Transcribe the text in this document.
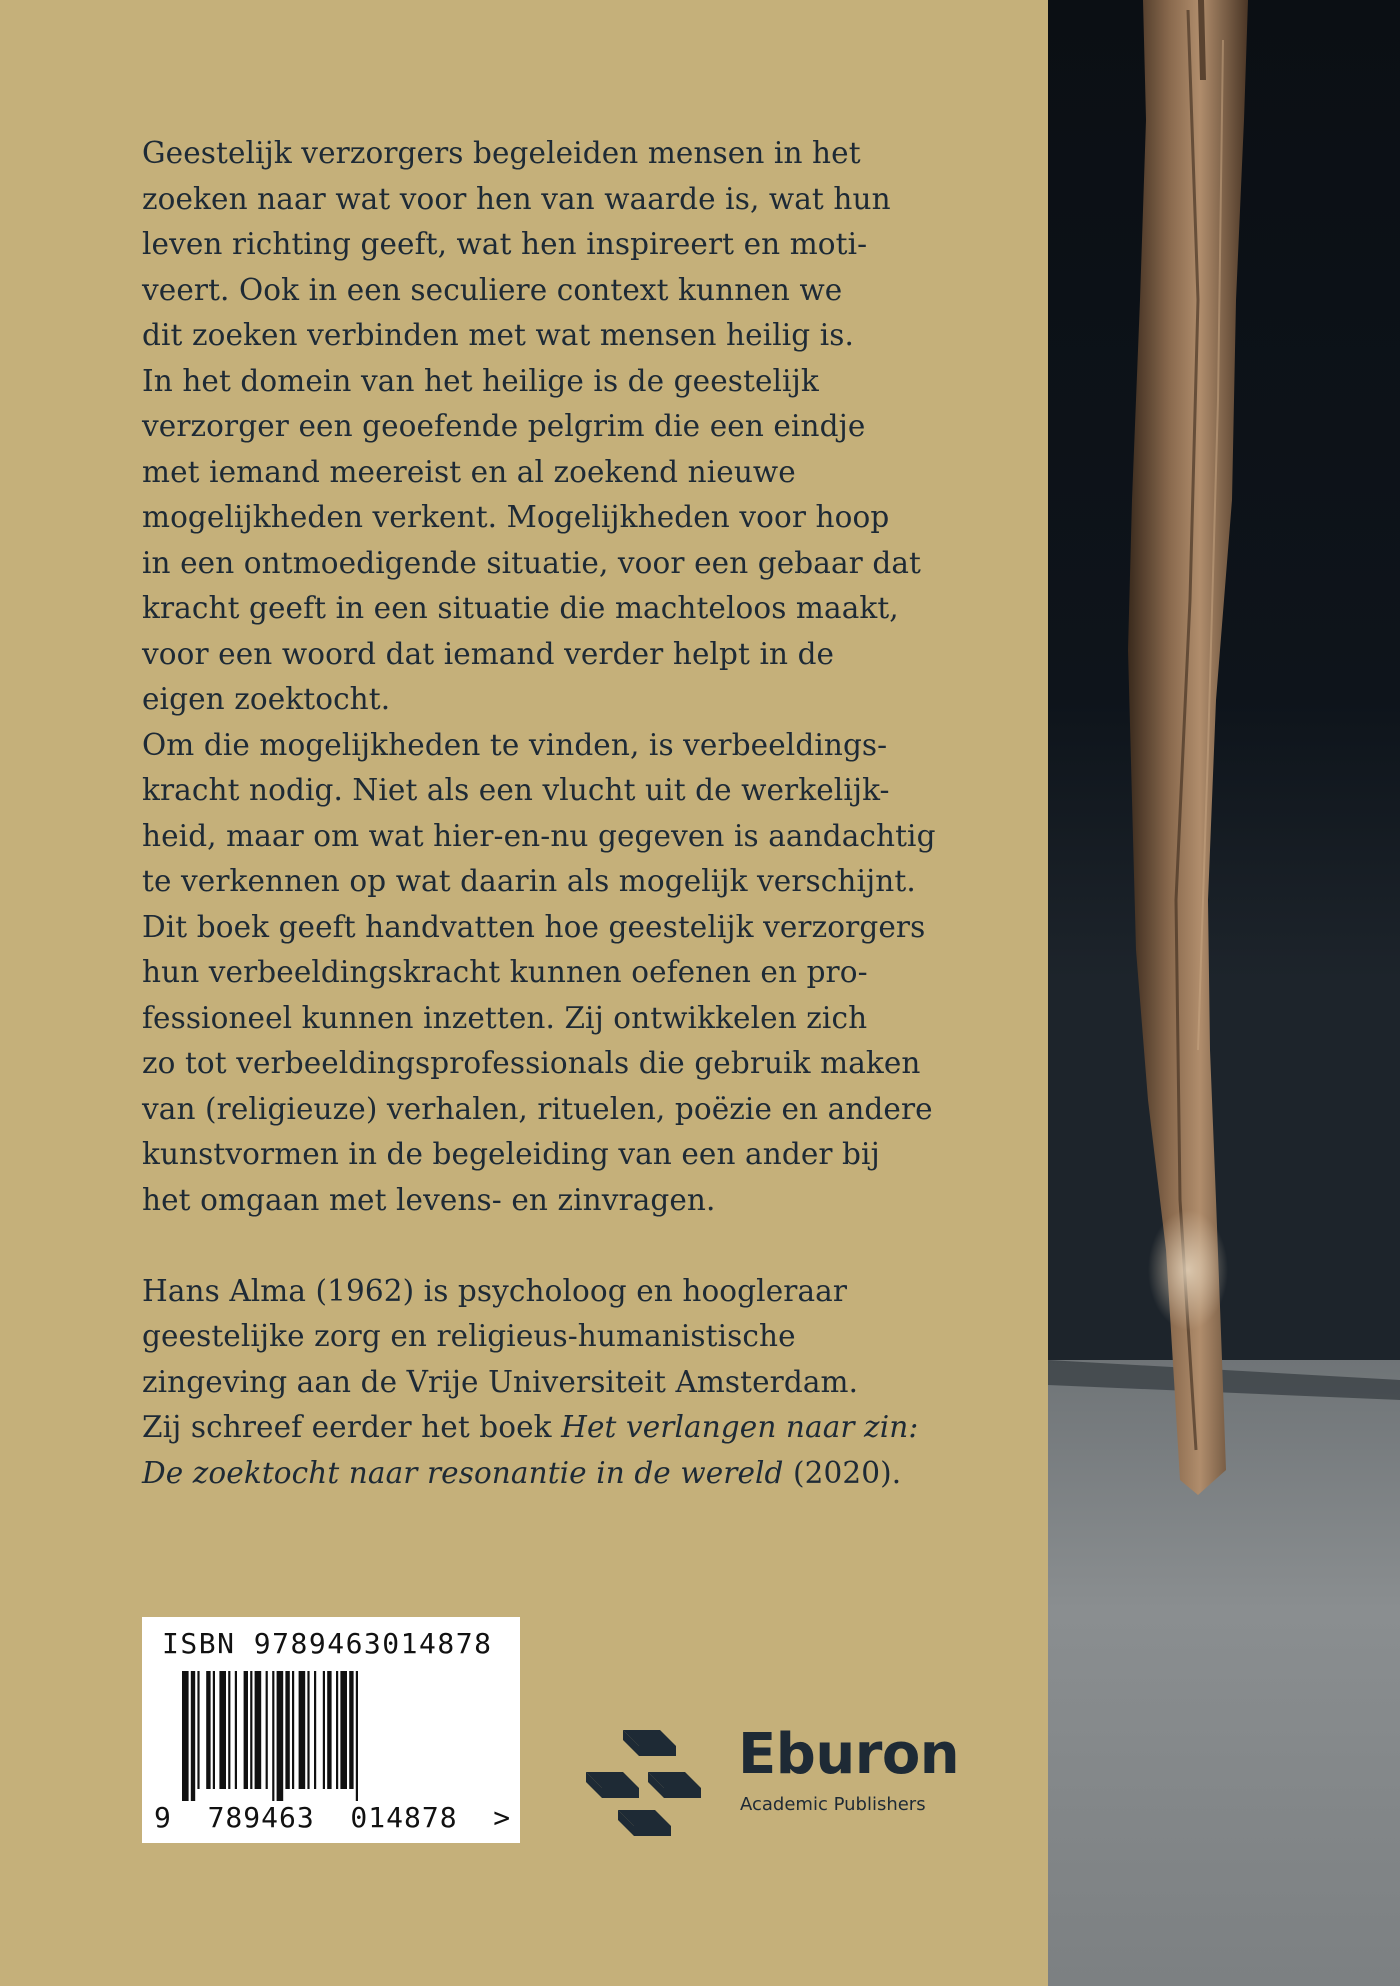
Geestelijk verzorgers begeleiden mensen in het
zoeken naar wat voor hen van waarde is, wat hun
leven richting geeft, wat hen inspireert en moti-
veert. Ook in een seculiere context kunnen we
dit zoeken verbinden met wat mensen heilig is.
In het domein van het heilige is de geestelijk
verzorger een geoefende pelgrim die een eindje
met iemand meereist en al zoekend nieuwe
mogelijkheden verkent. Mogelijkheden voor hoop
in een ontmoedigende situatie, voor een gebaar dat
kracht geeft in een situatie die machteloos maakt,
voor een woord dat iemand verder helpt in de
eigen zoektocht.
Om die mogelijkheden te vinden, is verbeeldings-
kracht nodig. Niet als een vlucht uit de werkelijk-
heid, maar om wat hier-en-nu gegeven is aandachtig
te verkennen op wat daarin als mogelijk verschijnt.
Dit boek geeft handvatten hoe geestelijk verzorgers
hun verbeeldingskracht kunnen oefenen en pro-
fessioneel kunnen inzetten. Zij ontwikkelen zich
zo tot verbeeldingsprofessionals die gebruik maken
van (religieuze) verhalen, rituelen, poëzie en andere
kunstvormen in de begeleiding van een ander bij
het omgaan met levens- en zinvragen.
Hans Alma (1962) is psycholoog en hoogleraar
geestelijke zorg en religieus-humanistische
zingeving aan de Vrije Universiteit Amsterdam.
Zij schreef eerder het boek Het verlangen naar zin:
De zoektocht naar resonantie in de wereld (2020).
ISBN 9789463014878
9  789463  014878  >
Eburon
Academic Publishers
